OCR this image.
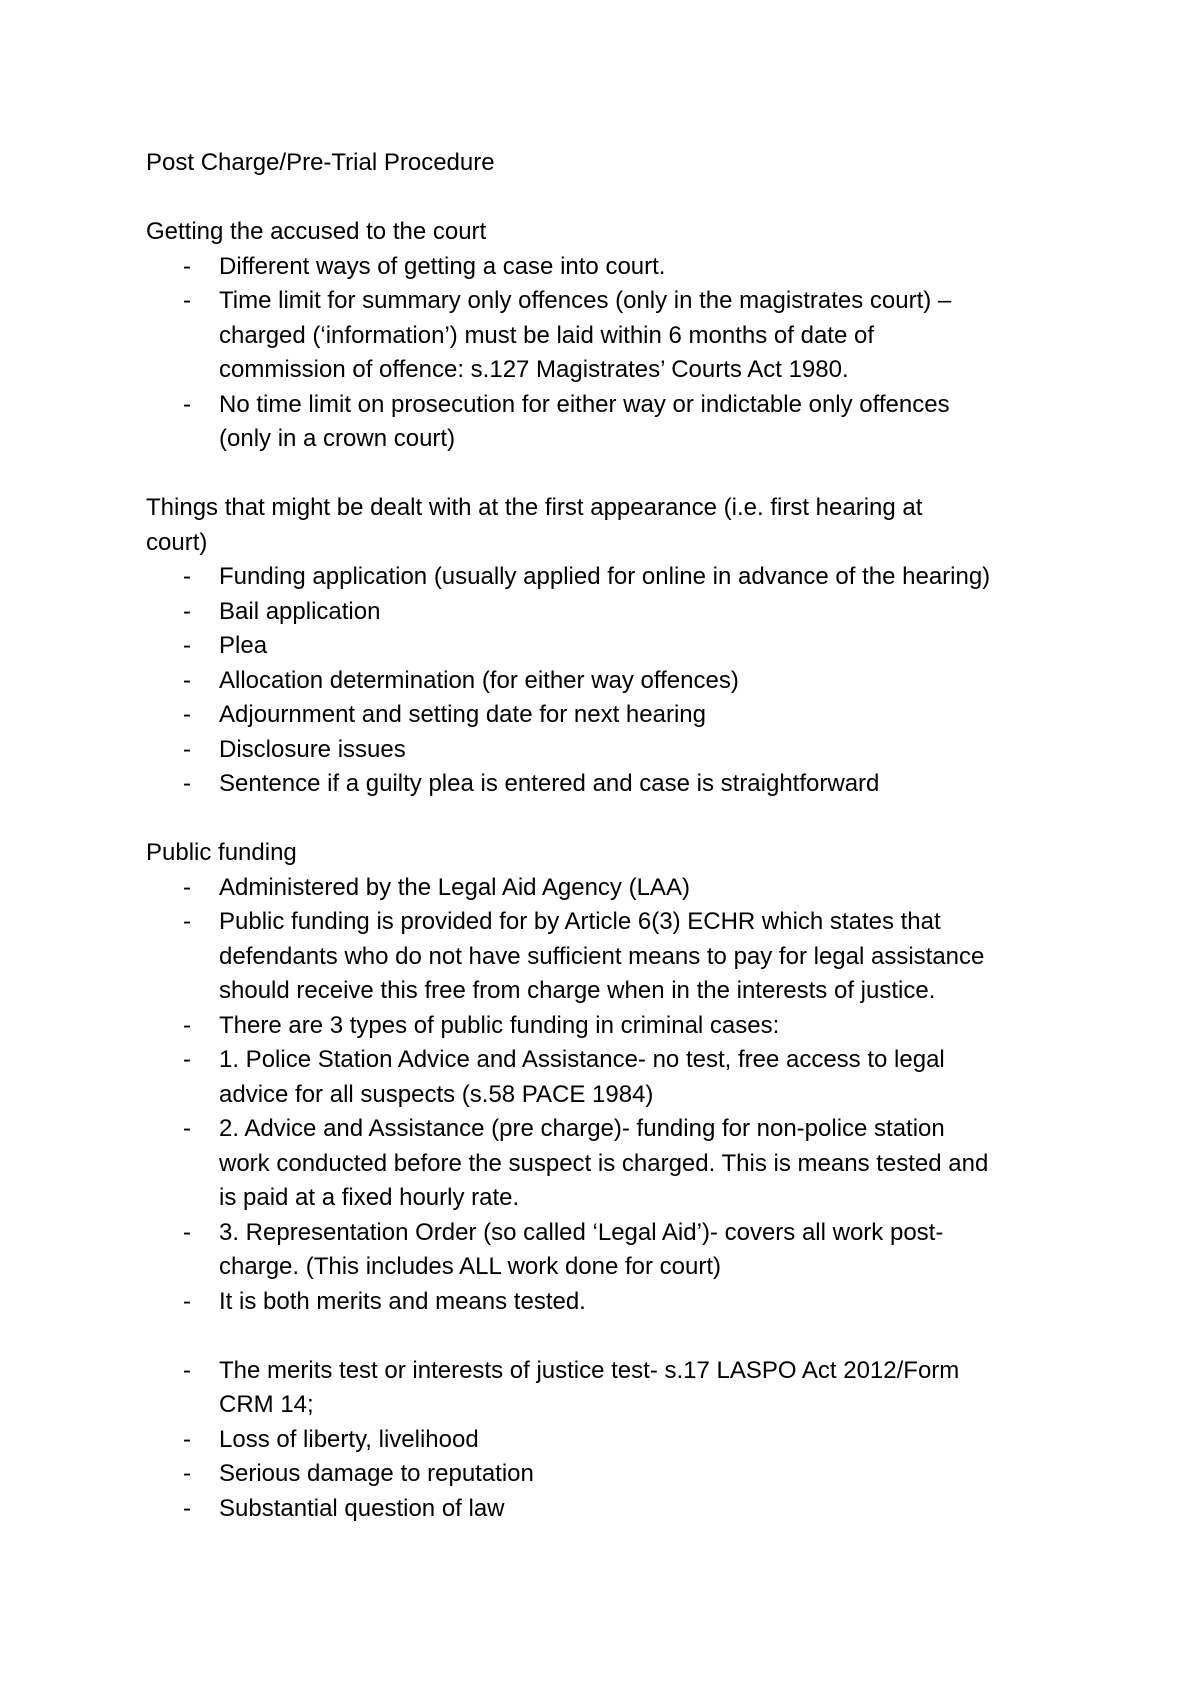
Post Charge/Pre-Trial Procedure

Getting the accused to the court

- Different ways of getting a case into court.
- Time limit for summary only offences (only in the magistrates court) –
charged (‘information’) must be laid within 6 months of date of
commission of offence: s.127 Magistrates’ Courts Act 1980.
- No time limit on prosecution for either way or indictable only offences
(only in a crown court)

Things that might be dealt with at the first appearance (i.e. first hearing at
court)

- Funding application (usually applied for online in advance of the hearing)
- Bail application
- Plea
- Allocation determination (for either way offences)
- Adjournment and setting date for next hearing
- Disclosure issues
- Sentence if a guilty plea is entered and case is straightforward

Public funding

- Administered by the Legal Aid Agency (LAA)
- Public funding is provided for by Article 6(3) ECHR which states that
defendants who do not have sufficient means to pay for legal assistance
should receive this free from charge when in the interests of justice.
- There are 3 types of public funding in criminal cases:
- 1. Police Station Advice and Assistance- no test, free access to legal
advice for all suspects (s.58 PACE 1984)
- 2. Advice and Assistance (pre charge)- funding for non-police station
work conducted before the suspect is charged. This is means tested and
is paid at a fixed hourly rate.
- 3. Representation Order (so called ‘Legal Aid’)- covers all work post-
charge. (This includes ALL work done for court)
- It is both merits and means tested.
- The merits test or interests of justice test- s.17 LASPO Act 2012/Form
CRM 14;
- Loss of liberty, livelihood
- Serious damage to reputation
- Substantial question of law
